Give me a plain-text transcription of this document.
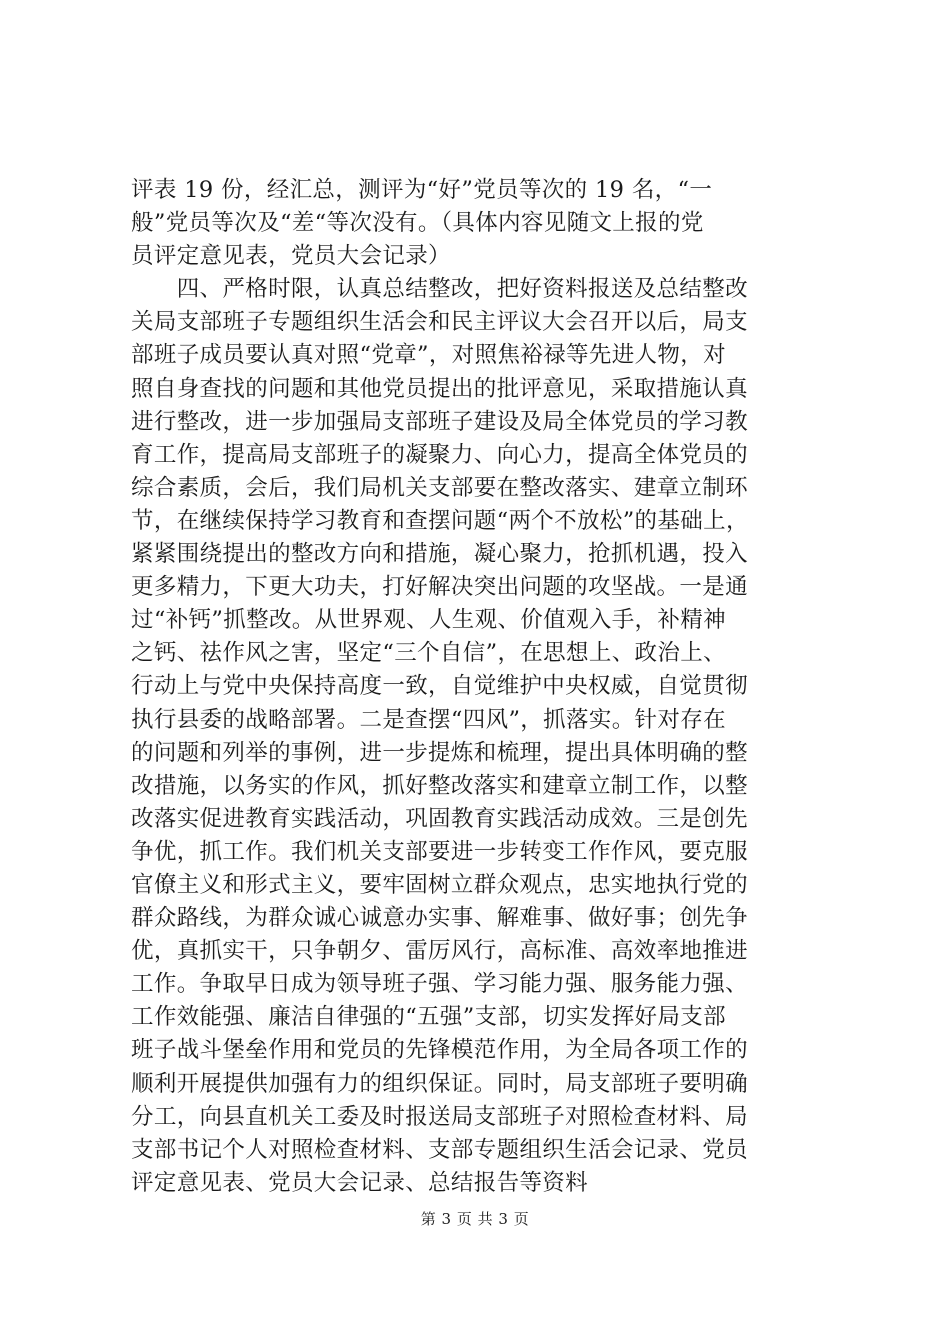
评表 19 份，经汇总，测评为“好”党员等次的 19 名，“一
般”党员等次及“差“等次没有。（具体内容见随文上报的党
员评定意见表，党员大会记录）
　　四、严格时限，认真总结整改，把好资料报送及总结整改
关局支部班子专题组织生活会和民主评议大会召开以后，局支
部班子成员要认真对照“党章”，对照焦裕禄等先进人物，对
照自身查找的问题和其他党员提出的批评意见，采取措施认真
进行整改，进一步加强局支部班子建设及局全体党员的学习教
育工作，提高局支部班子的凝聚力、向心力，提高全体党员的
综合素质，会后，我们局机关支部要在整改落实、建章立制环
节，在继续保持学习教育和查摆问题“两个不放松”的基础上，
紧紧围绕提出的整改方向和措施，凝心聚力，抢抓机遇，投入
更多精力，下更大功夫，打好解决突出问题的攻坚战。一是通
过“补钙”抓整改。从世界观、人生观、价值观入手，补精神
之钙、祛作风之害，坚定“三个自信”，在思想上、政治上、
行动上与党中央保持高度一致，自觉维护中央权威，自觉贯彻
执行县委的战略部署。二是查摆“四风”，抓落实。针对存在
的问题和列举的事例，进一步提炼和梳理，提出具体明确的整
改措施，以务实的作风，抓好整改落实和建章立制工作，以整
改落实促进教育实践活动，巩固教育实践活动成效。三是创先
争优，抓工作。我们机关支部要进一步转变工作作风，要克服
官僚主义和形式主义，要牢固树立群众观点，忠实地执行党的
群众路线，为群众诚心诚意办实事、解难事、做好事；创先争
优，真抓实干，只争朝夕、雷厉风行，高标准、高效率地推进
工作。争取早日成为领导班子强、学习能力强、服务能力强、
工作效能强、廉洁自律强的“五强”支部，切实发挥好局支部
班子战斗堡垒作用和党员的先锋模范作用，为全局各项工作的
顺利开展提供加强有力的组织保证。同时，局支部班子要明确
分工，向县直机关工委及时报送局支部班子对照检查材料、局
支部书记个人对照检查材料、支部专题组织生活会记录、党员
评定意见表、党员大会记录、总结报告等资料
第 3 页 共 3 页
